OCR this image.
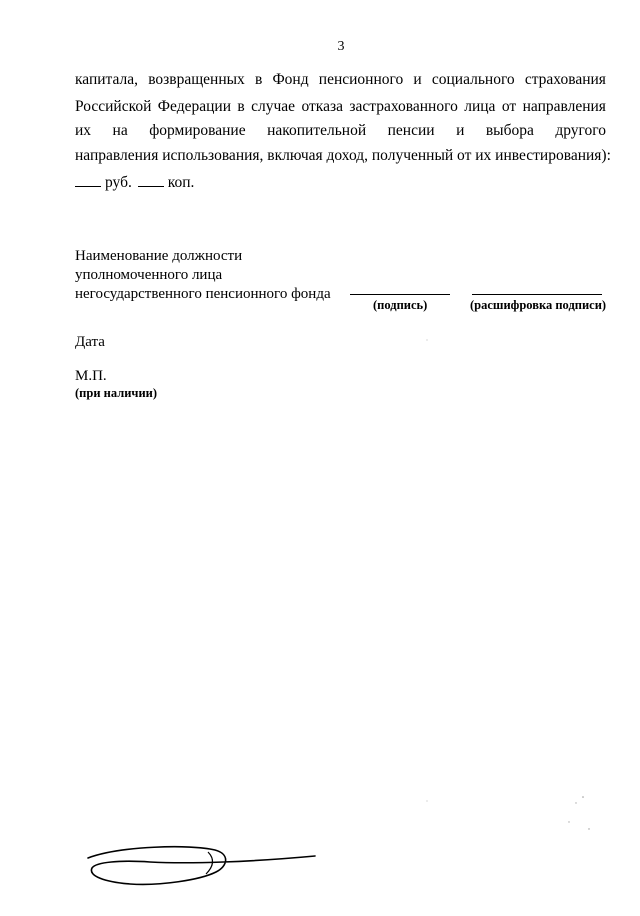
3
капитала, возвращенных в Фонд пенсионного и социального страхования
Российской Федерации в случае отказа застрахованного лица от направления
их на формирование накопительной пенсии и выбора другого
направления использования, включая доход, полученный от их инвестирования):
руб. коп.
Наименование должности
уполномоченного лица
негосударственного пенсионного фонда
(подпись)	(расшифровка подписи)
Дата
М.П.
(при наличии)
